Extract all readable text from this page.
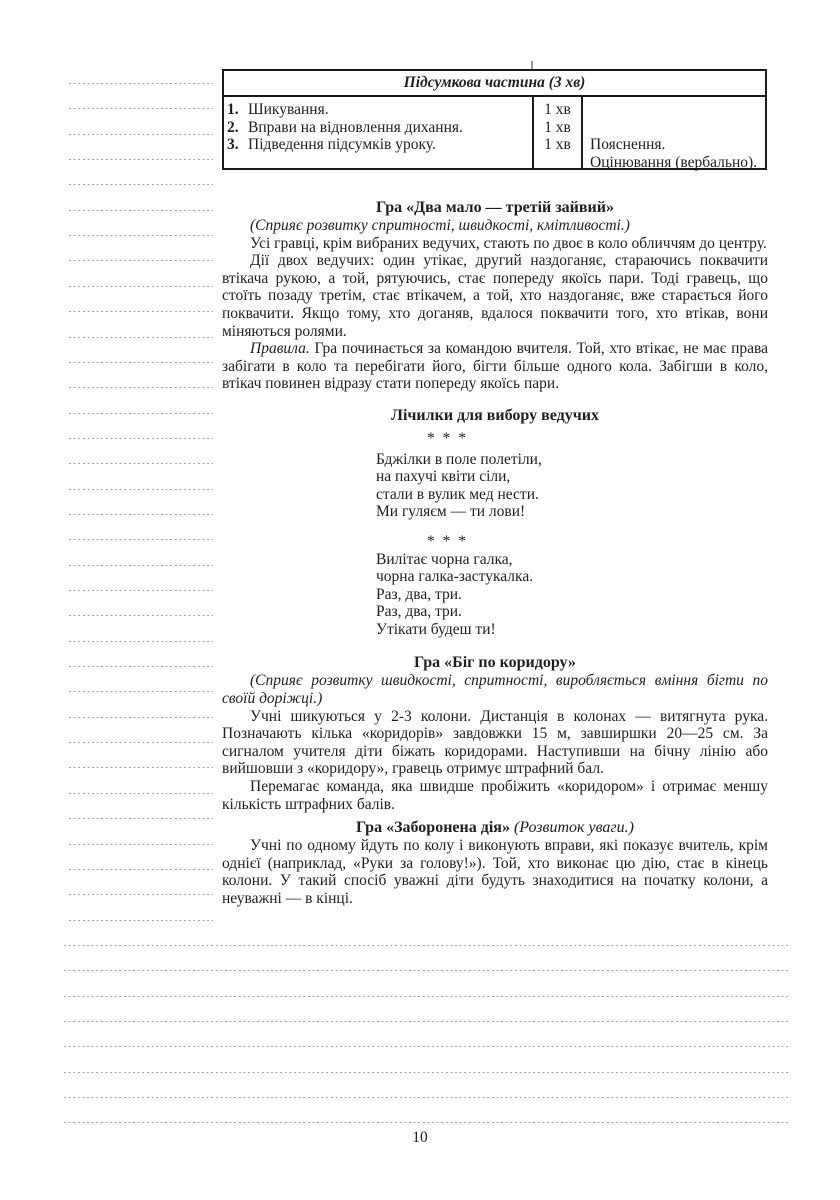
Підсумкова частина (3 хв)
1. Шикування.
2. Вправи на відновлення дихання.
3. Підведення підсумків уроку.
1 хв
1 хв
1 хв	Пояснення.
Оцінювання (вербально).
Гра «Два мало — третій зайвий»
(Сприяє розвитку спритності, швидкості, кмітливості.)
Усі гравці, крім вибраних ведучих, стають по двоє в коло обличчям до центру.
Дії двох ведучих: один утікає, другий наздоганяє, стараючись поквачити втікача рукою, а той, рятуючись, стає попереду якоїсь пари. Тоді гравець, що стоїть позаду третім, стає втікачем, а той, хто наздоганяє, вже старається його поквачити. Якщо тому, хто доганяв, вдалося поквачити того, хто втікав, вони міняються ролями.
Правила. Гра починається за командою вчителя. Той, хто втікає, не має права забігати в коло та перебігати його, бігти більше одного кола. Забігши в коло, втікач повинен відразу стати попереду якоїсь пари.
Лічилки для вибору ведучих
* * *
Бджілки в поле полетіли,
на пахучі квіти сіли,
стали в вулик мед нести.
Ми гуляєм — ти лови!
* * *
Вилітає чорна галка,
чорна галка-застукалка.
Раз, два, три.
Раз, два, три.
Утікати будеш ти!
Гра «Біг по коридору»
(Сприяє розвитку швидкості, спритності, виробляється вміння бігти по своїй доріжці.)
Учні шикуються у 2-3 колони. Дистанція в колонах — витягнута рука. Позначають кілька «коридорів» завдовжки 15 м, завширшки 20—25 см. За сигналом учителя діти біжать коридорами. Наступивши на бічну лінію або вийшовши з «коридору», гравець отримує штрафний бал.
Перемагає команда, яка швидше пробіжить «коридором» і отримає меншу кількість штрафних балів.
Гра «Заборонена дія» (Розвиток уваги.)
Учні по одному йдуть по колу і виконують вправи, які показує вчитель, крім однієї (наприклад, «Руки за голову!»). Той, хто виконає цю дію, стає в кінець колони. У такий спосіб уважні діти будуть знаходитися на початку колони, а неуважні — в кінці.
10
